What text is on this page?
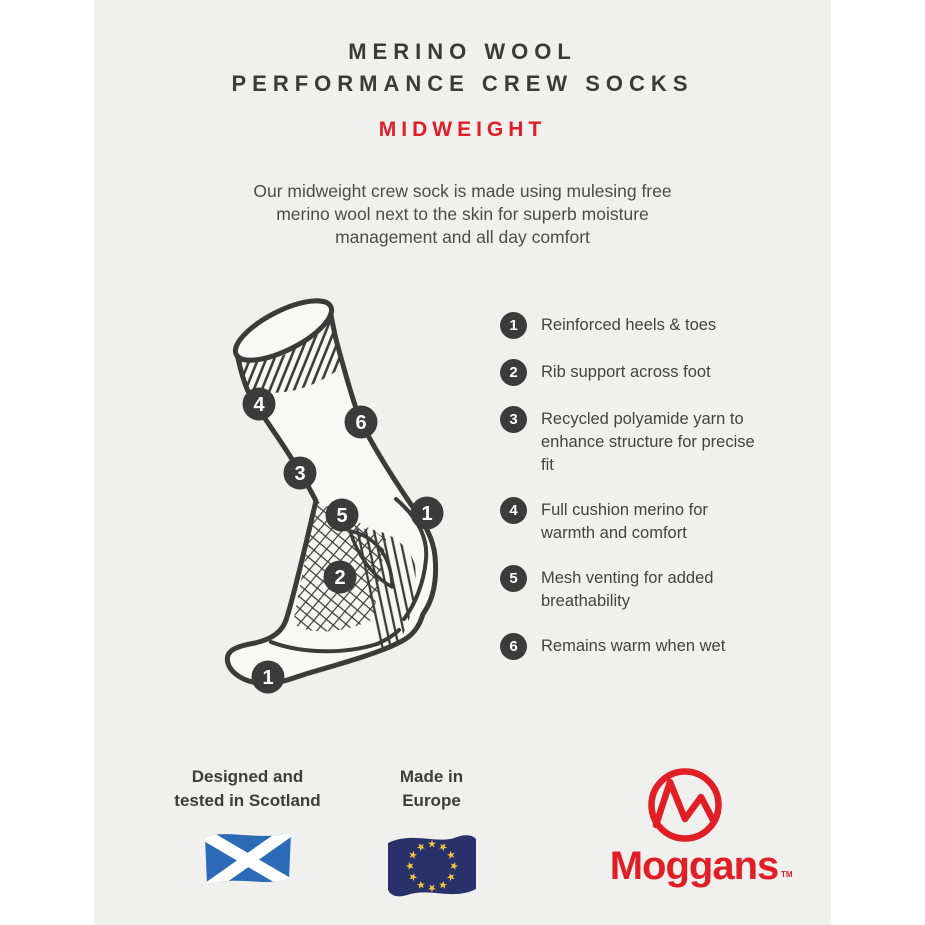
MERINO WOOL
PERFORMANCE CREW SOCKS
MIDWEIGHT
Our midweight crew sock is made using mulesing free
merino wool next to the skin for superb moisture
management and all day comfort
4
6
3
5	1
2
1
1	Reinforced heels & toes
2	Rib support across foot
3	Recycled polyamide yarn to enhance structure for precise fit
4	Full cushion merino for warmth and comfort
5	Mesh venting for added breathability
6	Remains warm when wet
Designed and
tested in Scotland
Made in
Europe
Moggans TM
